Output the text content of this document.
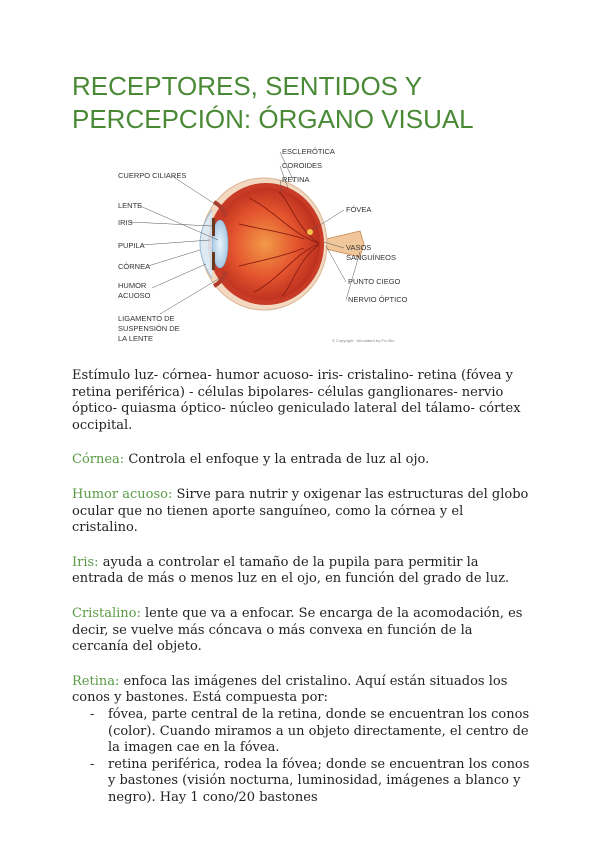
RECEPTORES, SENTIDOS Y PERCEPCIÓN: ÓRGANO VISUAL
ESCLERÓTICA
COROIDES
RETINA
CUERPO CILIARES
LENTE
IRIS
PUPILA
CÓRNEA
HUMOR
ACUOSO
LIGAMENTO DE
SUSPENSIÓN DE
LA LENTE
FÓVEA
VASOS
SANGUÍNEOS
PUNTO CIEGO
NERVIO ÓPTICO
© Copyright · Annotated by Pro Bio

Estímulo luz- córnea- humor acuoso- iris- cristalino- retina (fóvea y retina periférica) - células bipolares- células ganglionares- nervio óptico- quiasma óptico- núcleo geniculado lateral del tálamo- córtex occipital.

Córnea: Controla el enfoque y la entrada de luz al ojo.

Humor acuoso: Sirve para nutrir y oxigenar las estructuras del globo ocular que no tienen aporte sanguíneo, como la córnea y el cristalino.

Iris: ayuda a controlar el tamaño de la pupila para permitir la entrada de más o menos luz en el ojo, en función del grado de luz.

Cristalino: lente que va a enfocar. Se encarga de la acomodación, es decir, se vuelve más cóncava o más convexa en función de la cercanía del objeto.

Retina: enfoca las imágenes del cristalino. Aquí están situados los conos y bastones. Está compuesta por:

- fóvea, parte central de la retina, donde se encuentran los conos (color). Cuando miramos a un objeto directamente, el centro de la imagen cae en la fóvea.
- retina periférica, rodea la fóvea; donde se encuentran los conos y bastones (visión nocturna, luminosidad, imágenes a blanco y negro). Hay 1 cono/20 bastones
